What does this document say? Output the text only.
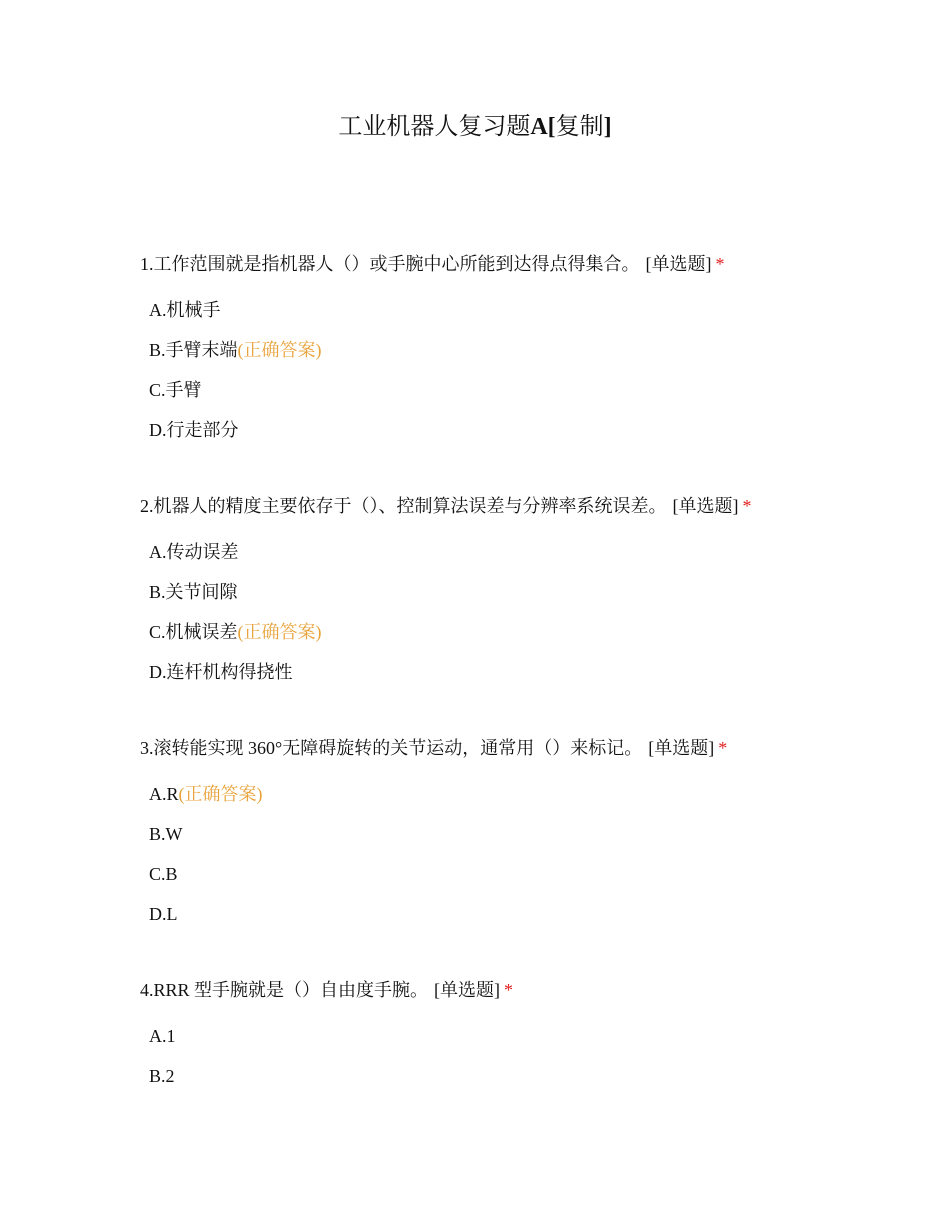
工业机器人复习题A[复制]
1.工作范围就是指机器人（）或手腕中心所能到达得点得集合。 [单选题] *
A.机械手
B.手臂末端(正确答案)
C.手臂
D.行走部分
2.机器人的精度主要依存于（）、控制算法误差与分辨率系统误差。 [单选题] *
A.传动误差
B.关节间隙
C.机械误差(正确答案)
D.连杆机构得挠性
3.滚转能实现 360°无障碍旋转的关节运动，通常用（）来标记。 [单选题] *
A.R(正确答案)
B.W
C.B
D.L
4.RRR 型手腕就是（）自由度手腕。 [单选题] *
A.1
B.2
